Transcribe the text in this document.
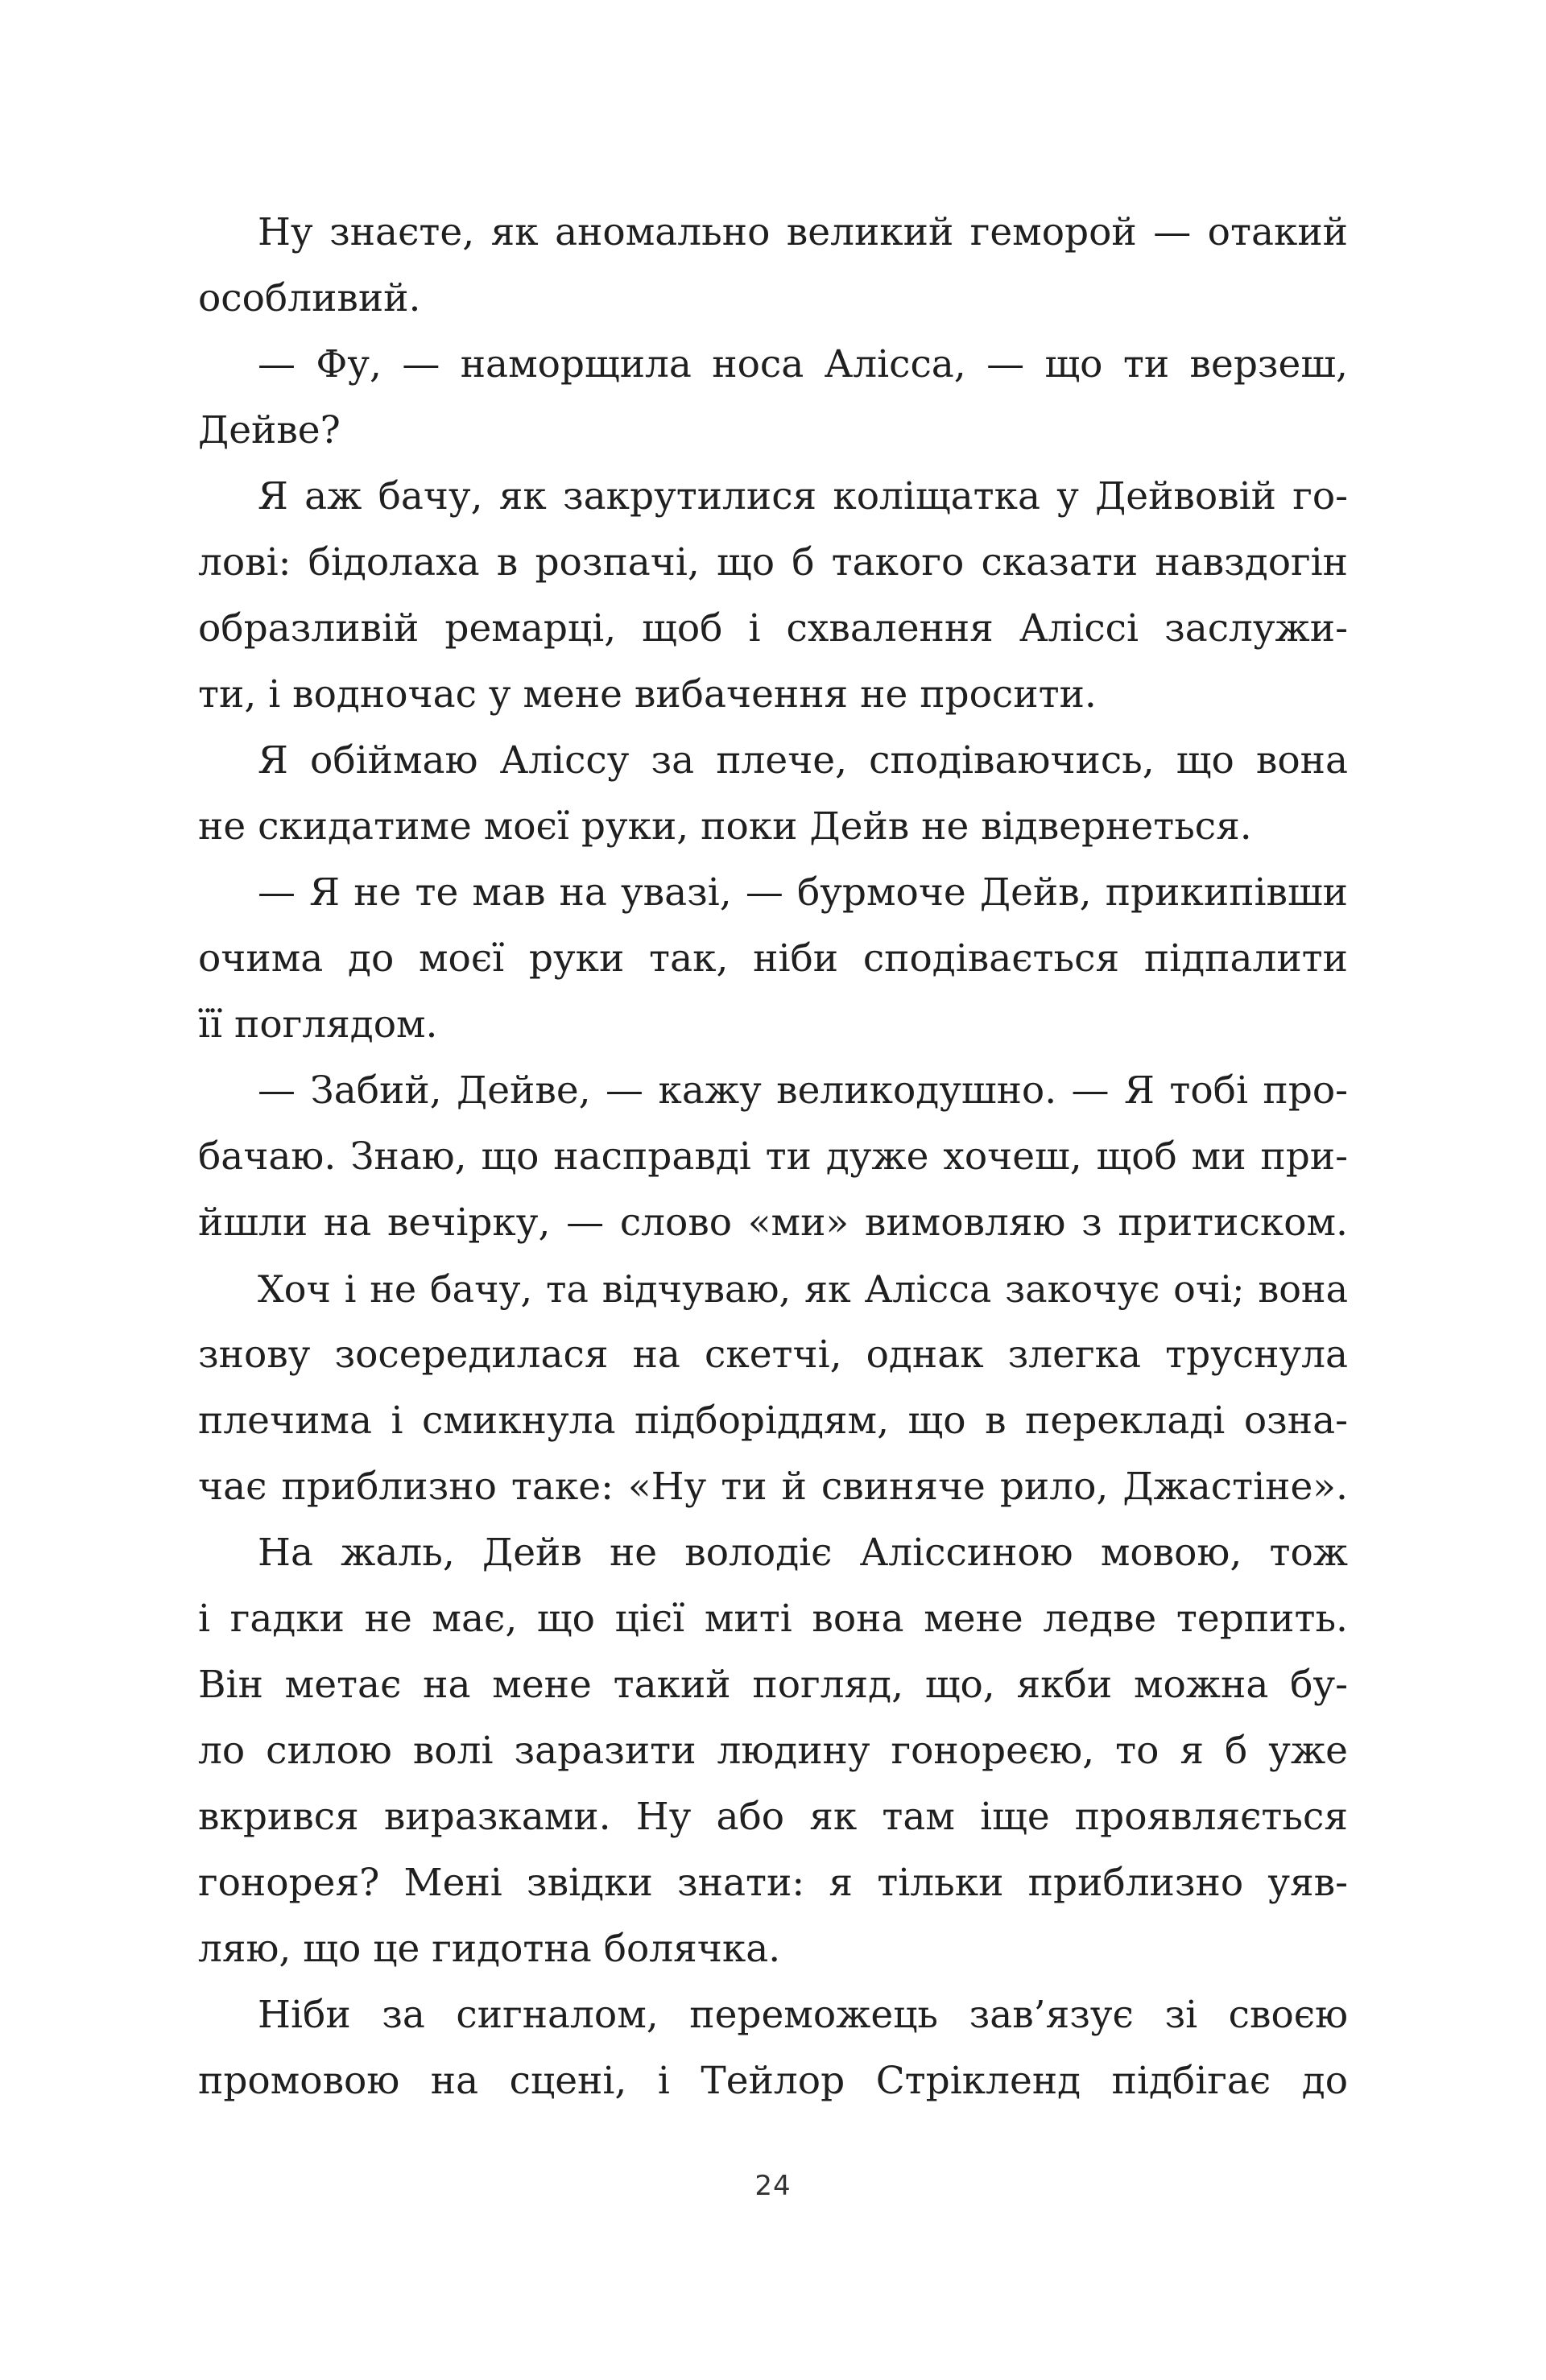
Ну знаєте, як аномально великий геморой — отакий
особливий.
— Фу, — наморщила носа Алісса, — що ти верзеш,
Дейве?
Я аж бачу, як закрутилися коліщатка у Дейвовій го-
лові: бідолаха в розпачі, що б такого сказати навздогін
образливій ремарці, щоб і схвалення Аліссі заслужи-
ти, і водночас у мене вибачення не просити.
Я обіймаю Аліссу за плече, сподіваючись, що вона
не скидатиме моєї руки, поки Дейв не відвернеться.
— Я не те мав на увазі, — бурмоче Дейв, прикипівши
очима до моєї руки так, ніби сподівається підпалити
її поглядом.
— Забий, Дейве, — кажу великодушно. — Я тобі про-
бачаю. Знаю, що насправді ти дуже хочеш, щоб ми при-
йшли на вечірку, — слово «ми» вимовляю з притиском.
Хоч і не бачу, та відчуваю, як Алісса закочує очі; вона
знову зосередилася на скетчі, однак злегка труснула
плечима і смикнула підборіддям, що в перекладі озна-
чає приблизно таке: «Ну ти й свиняче рило, Джастіне».
На жаль, Дейв не володіє Аліссиною мовою, тож
і гадки не має, що цієї миті вона мене ледве терпить.
Він метає на мене такий погляд, що, якби можна бу-
ло силою волі заразити людину гонореєю, то я б уже
вкрився виразками. Ну або як там іще проявляється
гонорея? Мені звідки знати: я тільки приблизно уяв-
ляю, що це гидотна болячка.
Ніби за сигналом, переможець зав’язує зі своєю
промовою на сцені, і Тейлор Стрікленд підбігає до
24
